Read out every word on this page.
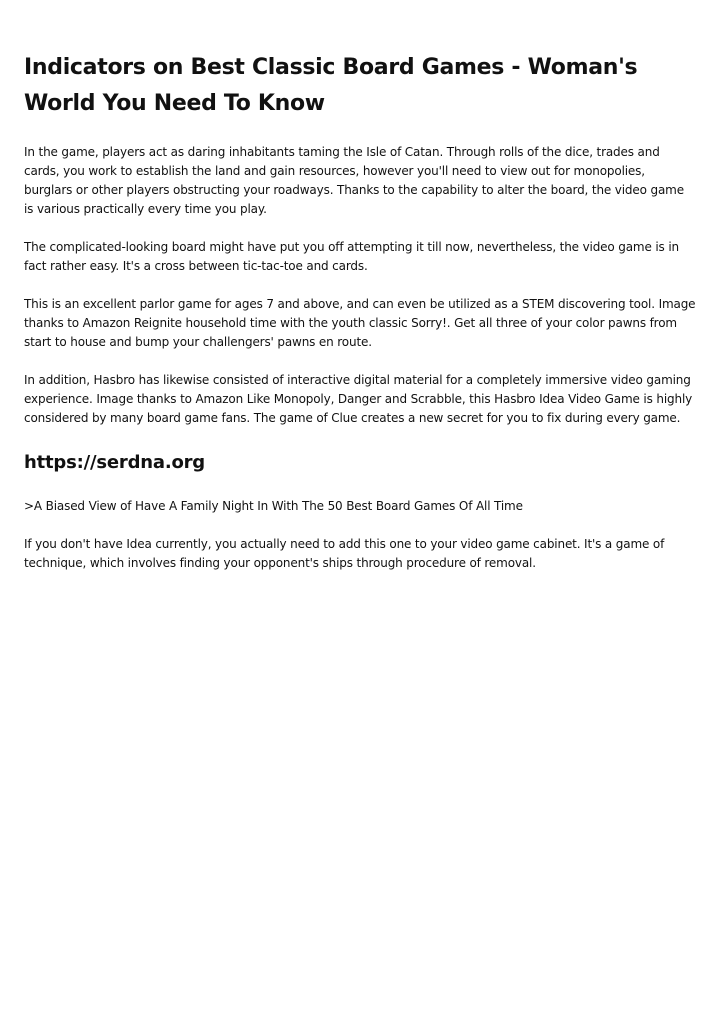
Indicators on Best Classic Board Games - Woman's World You Need To Know

In the game, players act as daring inhabitants taming the Isle of Catan. Through rolls of the dice, trades and cards, you work to establish the land and gain resources, however you'll need to view out for monopolies, burglars or other players obstructing your roadways. Thanks to the capability to alter the board, the video game is various practically every time you play.

The complicated-looking board might have put you off attempting it till now, nevertheless, the video game is in fact rather easy. It's a cross between tic-tac-toe and cards.

This is an excellent parlor game for ages 7 and above, and can even be utilized as a STEM discovering tool. Image thanks to Amazon Reignite household time with the youth classic Sorry!. Get all three of your color pawns from start to house and bump your challengers' pawns en route.

In addition, Hasbro has likewise consisted of interactive digital material for a completely immersive video gaming experience. Image thanks to Amazon Like Monopoly, Danger and Scrabble, this Hasbro Idea Video Game is highly considered by many board game fans. The game of Clue creates a new secret for you to fix during every game.

https://serdna.org

>A Biased View of Have A Family Night In With The 50 Best Board Games Of All Time

If you don't have Idea currently, you actually need to add this one to your video game cabinet. It's a game of technique, which involves finding your opponent's ships through procedure of removal.
